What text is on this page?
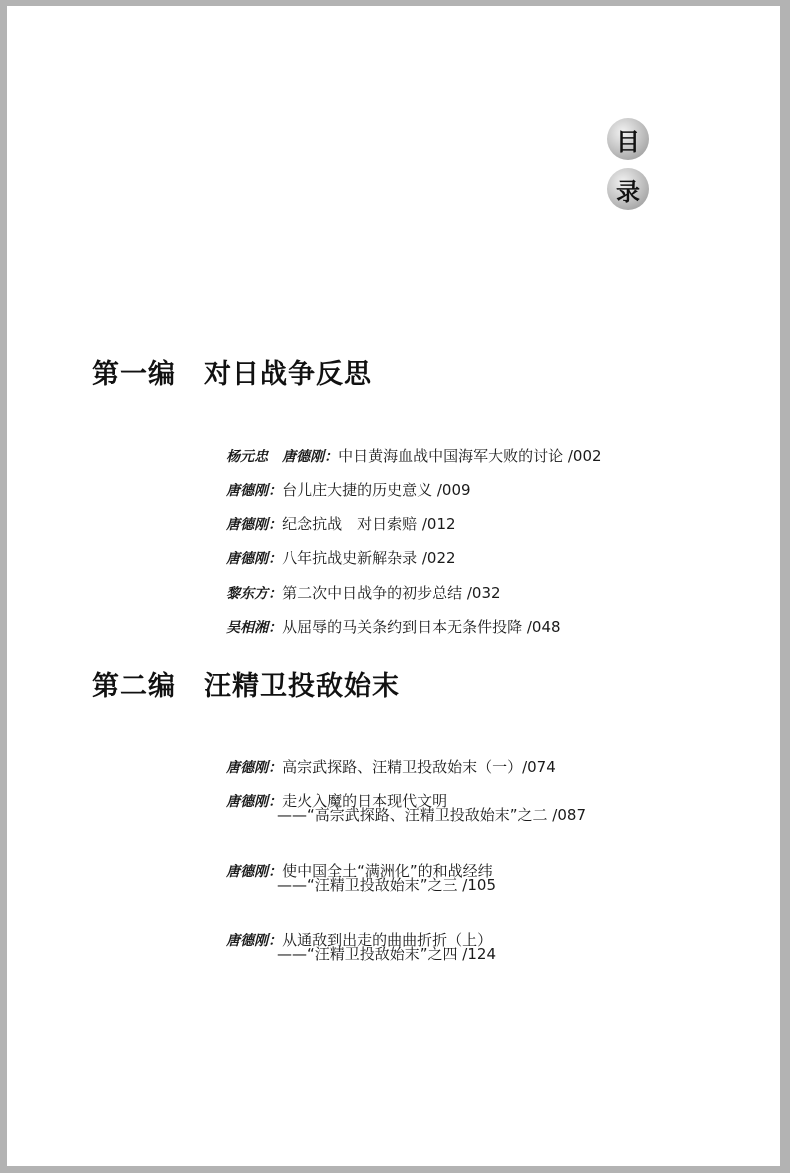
目
录
第一编　对日战争反思

杨元忠　唐德刚：中日黄海血战中国海军大败的讨论 /002

唐德刚：台儿庄大捷的历史意义 /009

唐德刚：纪念抗战　对日索赔 /012

唐德刚：八年抗战史新解杂录 /022

黎东方：第二次中日战争的初步总结 /032

吴相湘：从屈辱的马关条约到日本无条件投降 /048

第二编　汪精卫投敌始末

唐德刚：高宗武探路、汪精卫投敌始末（一）/074

唐德刚：走火入魔的日本现代文明

——“高宗武探路、汪精卫投敌始末”之二 /087

唐德刚：使中国全土“满洲化”的和战经纬

——“汪精卫投敌始末”之三 /105

唐德刚：从通敌到出走的曲曲折折（上）

——“汪精卫投敌始末”之四 /124
